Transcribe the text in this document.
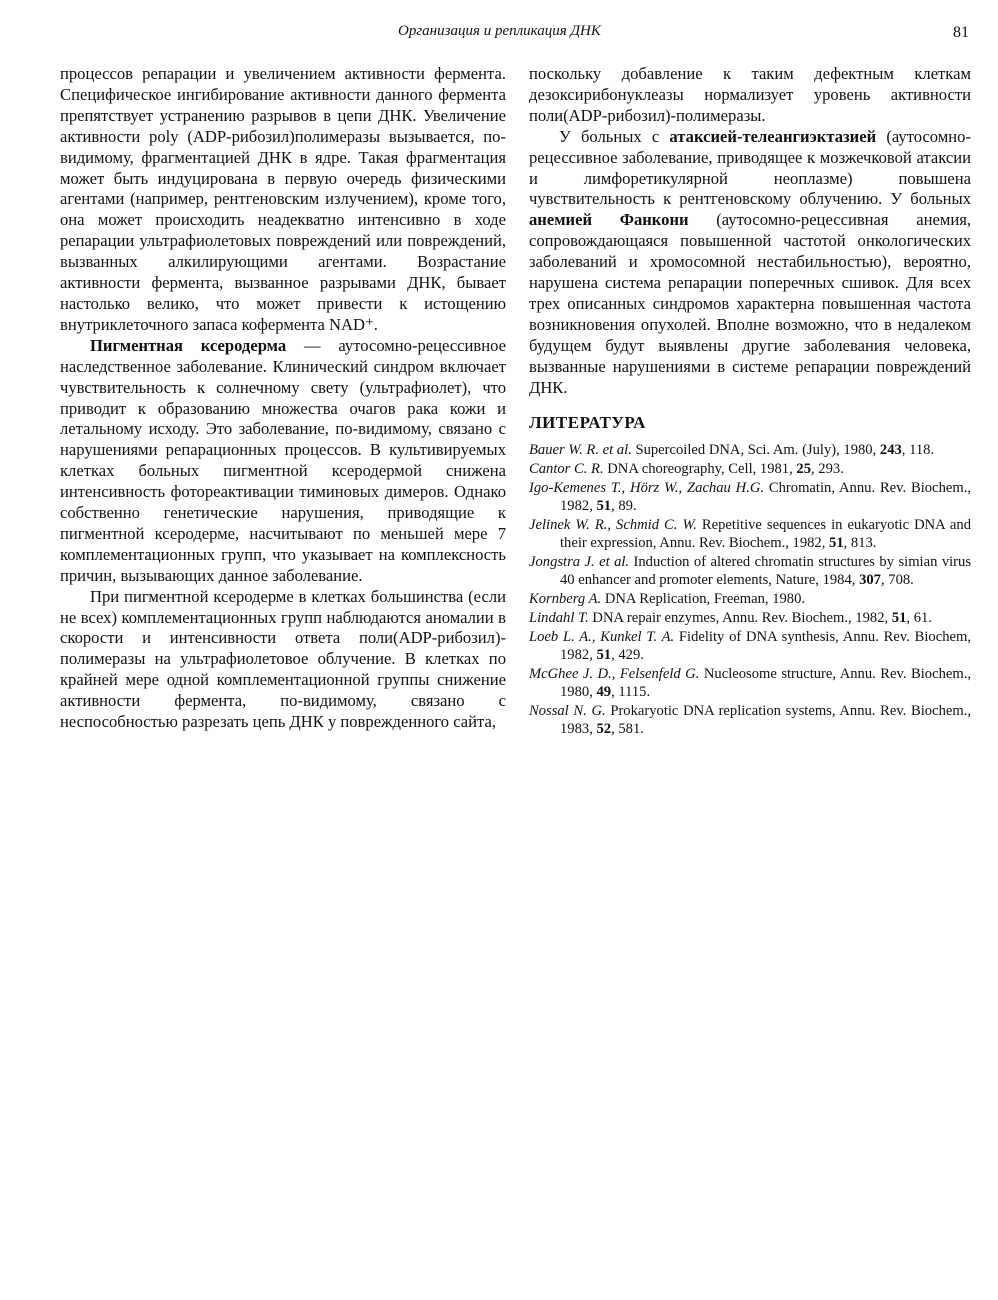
Организация и репликация ДНК	81

процессов репарации и увеличением активности фермента. Специфическое ингибирование активности данного фермента препятствует устранению разрывов в цепи ДНК. Увеличение активности poly (ADP-рибозил)полимеразы вызывается, по-видимому, фрагментацией ДНК в ядре. Такая фрагментация может быть индуцирована в первую очередь физическими агентами (например, рентгеновским излучением), кроме того, она может происходить неадекватно интенсивно в ходе репарации ультрафиолетовых повреждений или повреждений, вызванных алкилирующими агентами. Возрастание активности фермента, вызванное разрывами ДНК, бывает настолько велико, что может привести к истощению внутриклеточного запаса кофермента NAD⁺.

Пигментная ксеродерма — аутосомно-рецессивное наследственное заболевание. Клинический синдром включает чувствительность к солнечному свету (ультрафиолет), что приводит к образованию множества очагов рака кожи и летальному исходу. Это заболевание, по-видимому, связано с нарушениями репарационных процессов. В культивируемых клетках больных пигментной ксеродермой снижена интенсивность фотореактивации тиминовых димеров. Однако собственно генетические нарушения, приводящие к пигментной ксеродерме, насчитывают по меньшей мере 7 комплементационных групп, что указывает на комплексность причин, вызывающих данное заболевание.

При пигментной ксеродерме в клетках большинства (если не всех) комплементационных групп наблюдаются аномалии в скорости и интенсивности ответа поли(ADP-рибозил)-полимеразы на ультрафиолетовое облучение. В клетках по крайней мере одной комплементационной группы снижение активности фермента, по-видимому, связано с неспособностью разрезать цепь ДНК у поврежденного сайта,

поскольку добавление к таким дефектным клеткам дезоксирибонуклеазы нормализует уровень активности поли(ADP-рибозил)-полимеразы.

У больных с атаксией-телеангиэктазией (аутосомно-рецессивное заболевание, приводящее к мозжечковой атаксии и лимфоретикулярной неоплазме) повышена чувствительность к рентгеновскому облучению. У больных анемией Фанкони (аутосомно-рецессивная анемия, сопровождающаяся повышенной частотой онкологических заболеваний и хромосомной нестабильностью), вероятно, нарушена система репарации поперечных сшивок. Для всех трех описанных синдромов характерна повышенная частота возникновения опухолей. Вполне возможно, что в недалеком будущем будут выявлены другие заболевания человека, вызванные нарушениями в системе репарации повреждений ДНК.

ЛИТЕРАТУРА
Bauer W. R. et al. Supercoiled DNA, Sci. Am. (July), 1980, 243, 118.
Cantor C. R. DNA choreography, Cell, 1981, 25, 293.
Igo-Kemenes T., Hörz W., Zachau H.G. Chromatin, Annu. Rev. Biochem., 1982, 51, 89.
Jelinek W. R., Schmid C. W. Repetitive sequences in eukaryotic DNA and their expression, Annu. Rev. Biochem., 1982, 51, 813.
Jongstra J. et al. Induction of altered chromatin structures by simian virus 40 enhancer and promoter elements, Nature, 1984, 307, 708.
Kornberg A. DNA Replication, Freeman, 1980.
Lindahl T. DNA repair enzymes, Annu. Rev. Biochem., 1982, 51, 61.
Loeb L. A., Kunkel T. A. Fidelity of DNA synthesis, Annu. Rev. Biochem, 1982, 51, 429.
McGhee J. D., Felsenfeld G. Nucleosome structure, Annu. Rev. Biochem., 1980, 49, 1115.
Nossal N. G. Prokaryotic DNA replication systems, Annu. Rev. Biochem., 1983, 52, 581.
